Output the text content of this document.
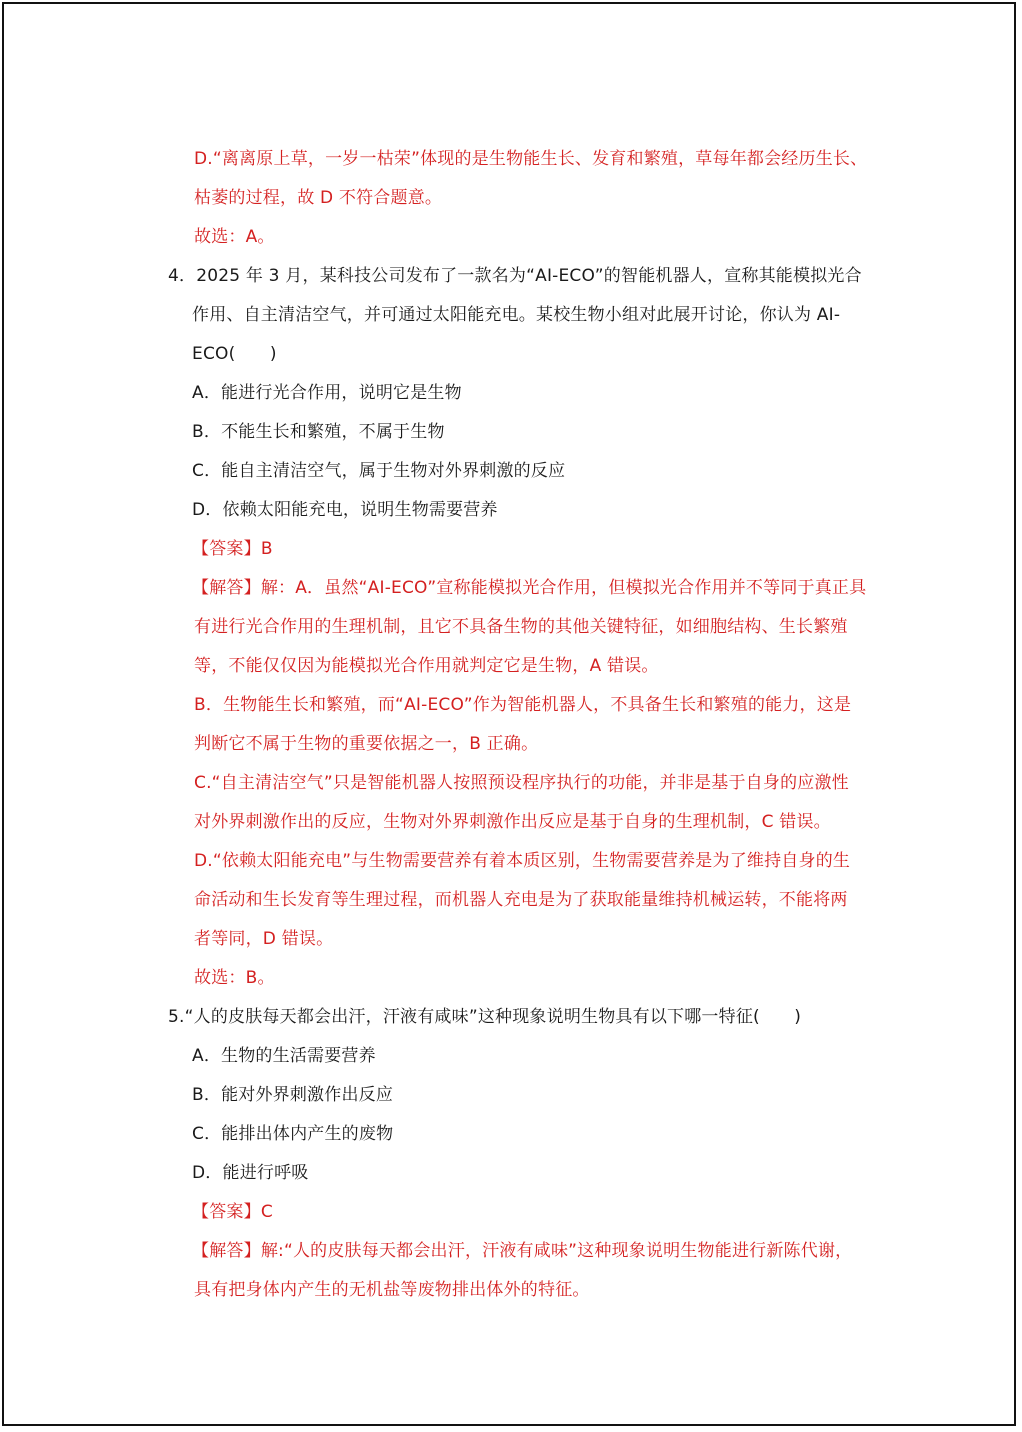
D.“离离原上草，一岁一枯荣”体现的是生物能生长、发育和繁殖，草每年都会经历生长、
枯萎的过程，故 D 不符合题意。
故选：A。
4．2025 年 3 月，某科技公司发布了一款名为“AI-ECO”的智能机器人，宣称其能模拟光合
作用、自主清洁空气，并可通过太阳能充电。某校生物小组对此展开讨论，你认为 AI-
ECO(　　)
A．能进行光合作用，说明它是生物
B．不能生长和繁殖，不属于生物
C．能自主清洁空气，属于生物对外界刺激的反应
D．依赖太阳能充电，说明生物需要营养
【答案】B
【解答】解：A．虽然“AI-ECO”宣称能模拟光合作用，但模拟光合作用并不等同于真正具
有进行光合作用的生理机制，且它不具备生物的其他关键特征，如细胞结构、生长繁殖
等，不能仅仅因为能模拟光合作用就判定它是生物，A 错误。
B．生物能生长和繁殖，而“AI-ECO”作为智能机器人，不具备生长和繁殖的能力，这是
判断它不属于生物的重要依据之一，B 正确。
C.“自主清洁空气”只是智能机器人按照预设程序执行的功能，并非是基于自身的应激性
对外界刺激作出的反应，生物对外界刺激作出反应是基于自身的生理机制，C 错误。
D.“依赖太阳能充电”与生物需要营养有着本质区别，生物需要营养是为了维持自身的生
命活动和生长发育等生理过程，而机器人充电是为了获取能量维持机械运转，不能将两
者等同，D 错误。
故选：B。
5.“人的皮肤每天都会出汗，汗液有咸味”这种现象说明生物具有以下哪一特征(　　)
A．生物的生活需要营养
B．能对外界刺激作出反应
C．能排出体内产生的废物
D．能进行呼吸
【答案】C
【解答】解:“人的皮肤每天都会出汗，汗液有咸味”这种现象说明生物能进行新陈代谢，
具有把身体内产生的无机盐等废物排出体外的特征。
